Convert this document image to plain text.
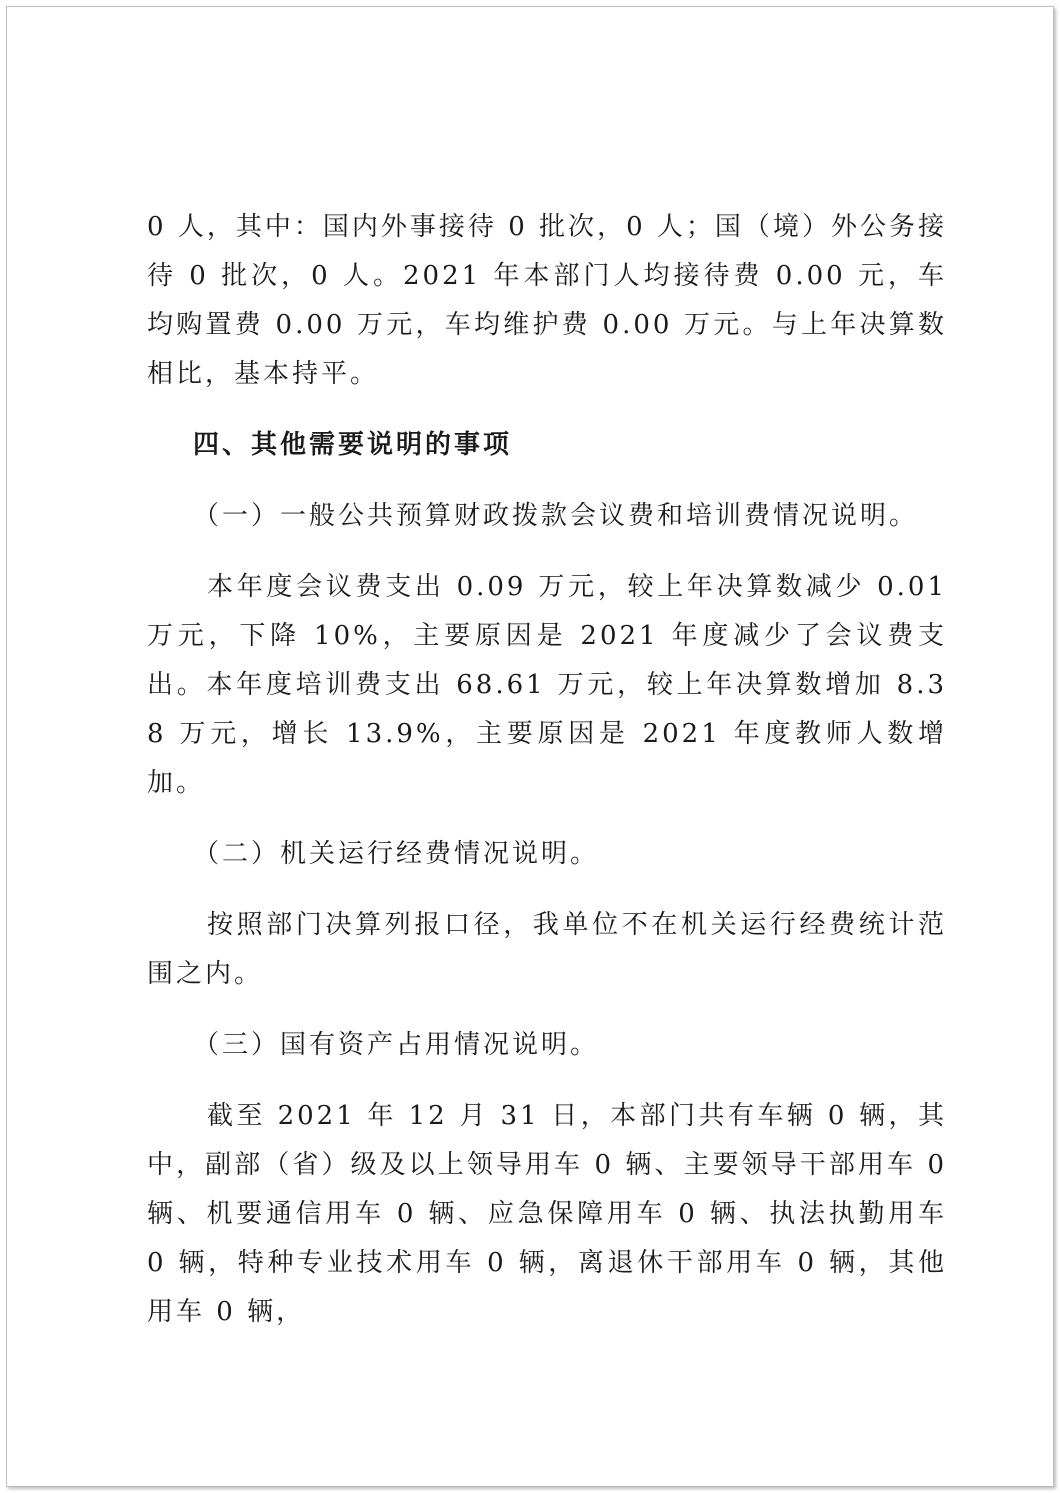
0 人，其中：国内外事接待 0 批次，0 人；国（境）外公务接待 0 批次，0 人。2021 年本部门人均接待费 0.00 元，车均购置费 0.00 万元，车均维护费 0.00 万元。与上年决算数相比，基本持平。

四、其他需要说明的事项

（一）一般公共预算财政拨款会议费和培训费情况说明。

本年度会议费支出 0.09 万元，较上年决算数减少 0.01 万元，下降 10%，主要原因是 2021 年度减少了会议费支出。本年度培训费支出 68.61 万元，较上年决算数增加 8.38 万元，增长 13.9%，主要原因是 2021 年度教师人数增加。

（二）机关运行经费情况说明。

按照部门决算列报口径，我单位不在机关运行经费统计范围之内。

（三）国有资产占用情况说明。

截至 2021 年 12 月 31 日，本部门共有车辆 0 辆，其中，副部（省）级及以上领导用车 0 辆、主要领导干部用车 0 辆、机要通信用车 0 辆、应急保障用车 0 辆、执法执勤用车 0 辆，特种专业技术用车 0 辆，离退休干部用车 0 辆，其他用车 0 辆，
